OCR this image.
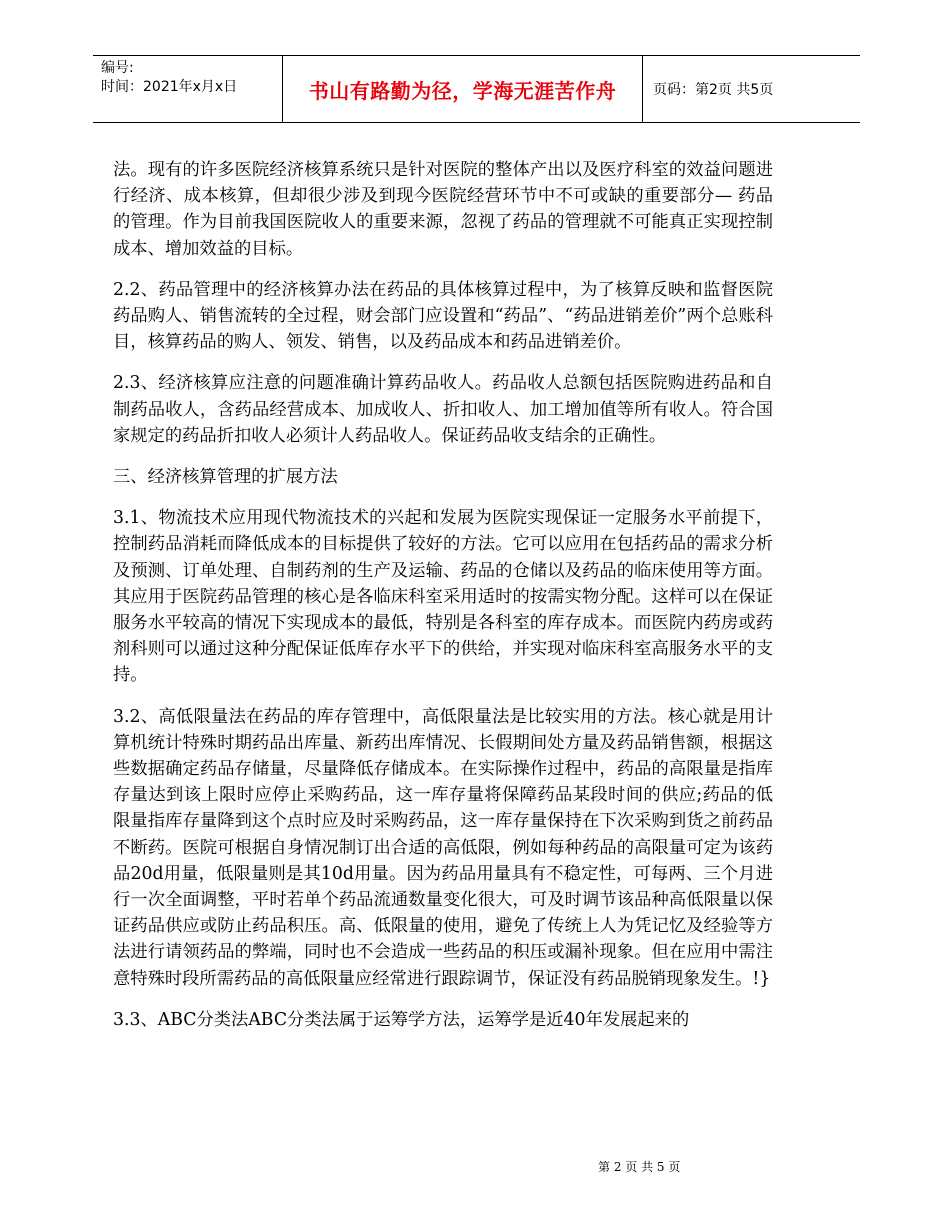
编号:
时间：2021年x月x日	书山有路勤为径，学海无涯苦作舟	页码：第2页 共5页

法。现有的许多医院经济核算系统只是针对医院的整体产出以及医疗科室的效益问题进行经济、成本核算，但却很少涉及到现今医院经营环节中不可或缺的重要部分— 药品的管理。作为目前我国医院收人的重要来源，忽视了药品的管理就不可能真正实现控制成本、增加效益的目标。

2.2、药品管理中的经济核算办法在药品的具体核算过程中，为了核算反映和监督医院药品购人、销售流转的全过程，财会部门应设置和“药品”、“药品进销差价”两个总账科目，核算药品的购人、领发、销售，以及药品成本和药品进销差价。

2.3、经济核算应注意的问题准确计算药品收人。药品收人总额包括医院购进药品和自制药品收人，含药品经营成本、加成收人、折扣收人、加工增加值等所有收人。符合国家规定的药品折扣收人必须计人药品收人。保证药品收支结余的正确性。

三、经济核算管理的扩展方法

3.1、物流技术应用现代物流技术的兴起和发展为医院实现保证一定服务水平前提下，控制药品消耗而降低成本的目标提供了较好的方法。它可以应用在包括药品的需求分析及预测、订单处理、自制药剂的生产及运输、药品的仓储以及药品的临床使用等方面。其应用于医院药品管理的核心是各临床科室采用适时的按需实物分配。这样可以在保证服务水平较高的情况下实现成本的最低，特别是各科室的库存成本。而医院内药房或药剂科则可以通过这种分配保证低库存水平下的供给，并实现对临床科室高服务水平的支持。

3.2、高低限量法在药品的库存管理中，高低限量法是比较实用的方法。核心就是用计算机统计特殊时期药品出库量、新药出库情况、长假期间处方量及药品销售额，根据这些数据确定药品存储量，尽量降低存储成本。在实际操作过程中，药品的高限量是指库存量达到该上限时应停止采购药品，这一库存量将保障药品某段时间的供应;药品的低限量指库存量降到这个点时应及时采购药品，这一库存量保持在下次采购到货之前药品不断药。医院可根据自身情况制订出合适的高低限，例如每种药品的高限量可定为该药品20d用量，低限量则是其10d用量。因为药品用量具有不稳定性，可每两、三个月进行一次全面调整，平时若单个药品流通数量变化很大，可及时调节该品种高低限量以保证药品供应或防止药品积压。高、低限量的使用，避免了传统上人为凭记忆及经验等方法进行请领药品的弊端，同时也不会造成一些药品的积压或漏补现象。但在应用中需注意特殊时段所需药品的高低限量应经常进行跟踪调节，保证没有药品脱销现象发生。!}

3.3、ABC分类法ABC分类法属于运筹学方法，运筹学是近40年发展起来的

第 2 页 共 5 页
